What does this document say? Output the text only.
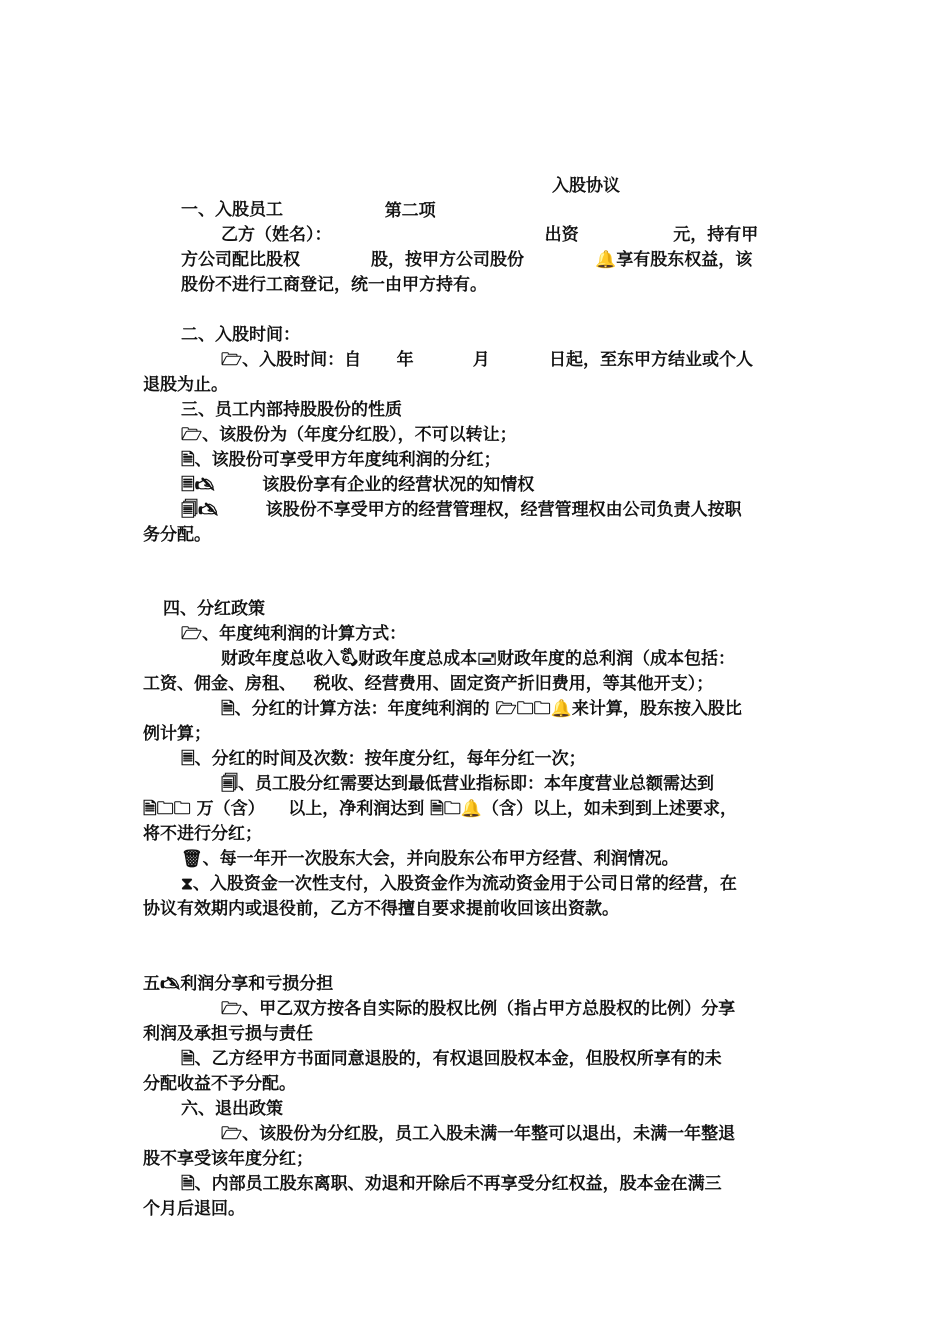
第二项

入股协议

一、入股员工
乙方（姓名）：                                    出资                元，持有甲
方公司配比股权            股，按甲方公司股份            🔔享有股东权益，该
股份不进行工商登记，统一由甲方持有。
二、入股时间：
🗁、入股时间：自      年          月          日起，至东甲方结业或个人
退股为止。
三、员工内部持股股份的性质
🗁、该股份为（年度分红股），不可以转让；
🗎、该股份可享受甲方年度纯利润的分红；
🗏🖎        该股份享有企业的经营状况的知情权
🗐🖎        该股份不享受甲方的经营管理权，经营管理权由公司负责人按职
务分配。
四、分红政策
🗁、年度纯利润的计算方式：
财政年度总收入🖏财政年度总成本🖃财政年度的总利润（成本包括：
工资、佣金、房租、   税收、经营费用、固定资产折旧费用，等其他开支）；
🗎、分红的计算方法：年度纯利润的 🗁🗀🗀🔔来计算，股东按入股比
例计算；
🗏、分红的时间及次数：按年度分红，每年分红一次；
🗐、员工股分红需要达到最低营业指标即：本年度营业总额需达到
🗎🗀🗀 万（含）    以上，净利润达到 🗎🗀🔔（含）以上，如未到到上述要求，
将不进行分红；
🗑、每一年开一次股东大会，并向股东公布甲方经营、利润情况。
⧗、入股资金一次性支付，入股资金作为流动资金用于公司日常的经营，在
协议有效期内或退役前，乙方不得擅自要求提前收回该出资款。
五🖎利润分享和亏损分担
🗁、甲乙双方按各自实际的股权比例（指占甲方总股权的比例）分享
利润及承担亏损与责任
🗎、乙方经甲方书面同意退股的，有权退回股权本金，但股权所享有的未
分配收益不予分配。
六、退出政策
🗁、该股份为分红股，员工入股未满一年整可以退出，未满一年整退
股不享受该年度分红；
🗎、内部员工股东离职、劝退和开除后不再享受分红权益，股本金在满三
个月后退回。
